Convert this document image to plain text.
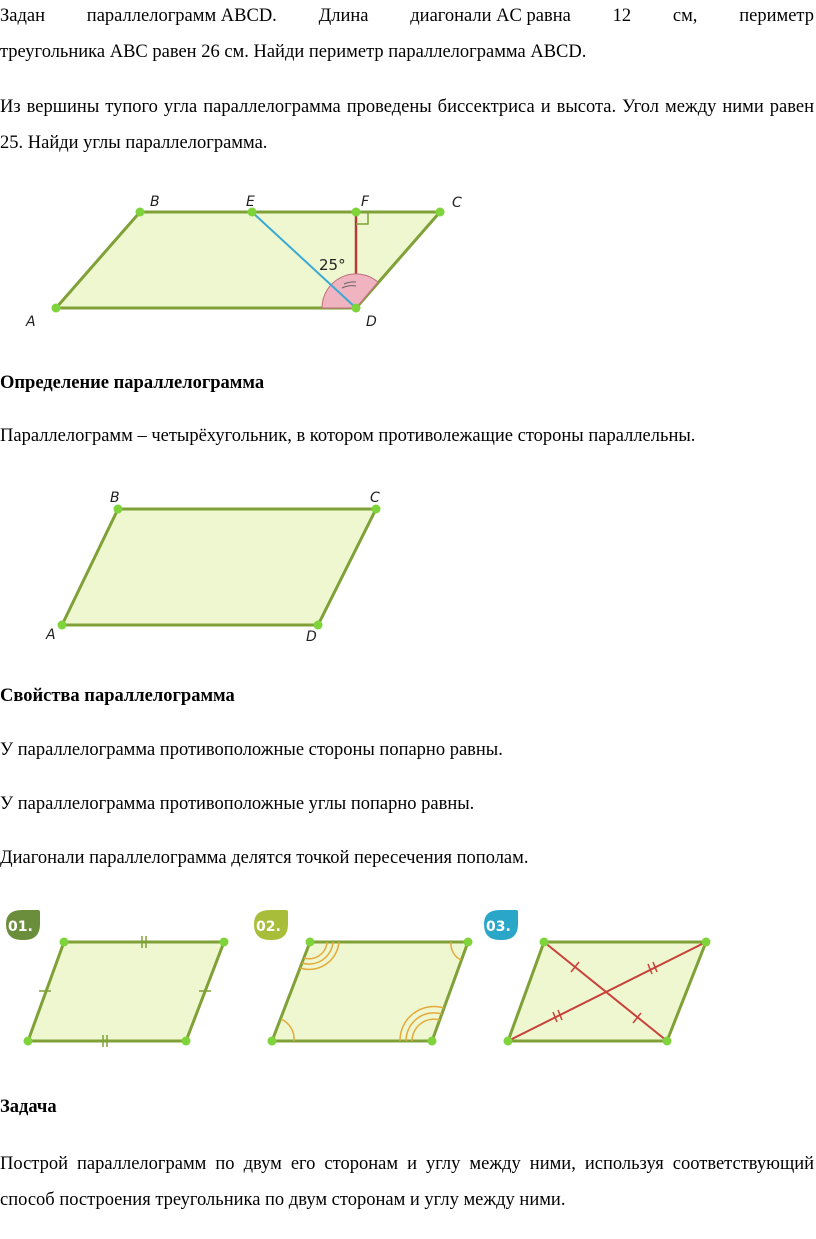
Задан параллелограмм ABCD. Длина диагонали AC равна 12 см, периметр
треугольника ABC равен 26 см. Найди периметр параллелограмма ABCD.

Из вершины тупого угла параллелограмма проведены биссектриса и высота. Угол между ними равен 25. Найди углы параллелограмма.

A
B	E	F	C
D
25°
Определение параллелограмма
Параллелограмм – четырёхугольник, в котором противолежащие стороны параллельны.
A
B	C
D
Свойства параллелограмма
У параллелограмма противоположные стороны попарно равны.
У параллелограмма противоположные углы попарно равны.
Диагонали параллелограмма делятся точкой пересечения пополам.
01.	02.	03.
Задача

Построй параллелограмм по двум его сторонам и углу между ними, используя соответствующий способ построения треугольника по двум сторонам и углу между ними.
